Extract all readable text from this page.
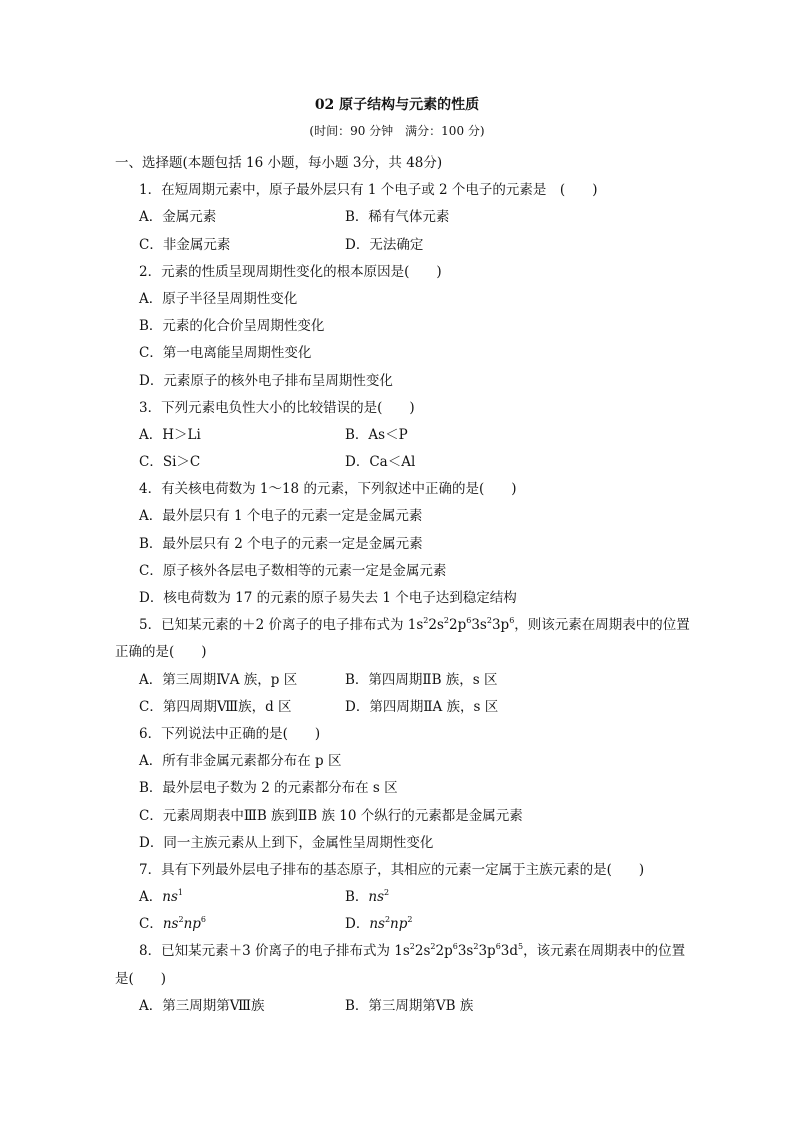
02 原子结构与元素的性质
(时间：90 分钟　满分：100 分)
一、选择题(本题包括 16 小题，每小题 3分，共 48分)
1．在短周期元素中，原子最外层只有 1 个电子或 2 个电子的元素是　(　　)
A．金属元素	B．稀有气体元素
C．非金属元素	D．无法确定
2．元素的性质呈现周期性变化的根本原因是(　　)
A．原子半径呈周期性变化
B．元素的化合价呈周期性变化
C．第一电离能呈周期性变化
D．元素原子的核外电子排布呈周期性变化
3．下列元素电负性大小的比较错误的是(　　)
A．H＞Li	B．As＜P
C．Si＞C	D．Ca＜Al
4．有关核电荷数为 1～18 的元素，下列叙述中正确的是(　　)
A．最外层只有 1 个电子的元素一定是金属元素
B．最外层只有 2 个电子的元素一定是金属元素
C．原子核外各层电子数相等的元素一定是金属元素
D．核电荷数为 17 的元素的原子易失去 1 个电子达到稳定结构
5．已知某元素的＋2 价离子的电子排布式为 $1s^22s^22p^63s^23p^6$，则该元素在周期表中的位置
正确的是(　　)
A．第三周期ⅣA 族，p 区	B．第四周期ⅡB 族，s 区
C．第四周期Ⅷ族，d 区	D．第四周期ⅡA 族，s 区
6．下列说法中正确的是(　　)
A．所有非金属元素都分布在 p 区
B．最外层电子数为 2 的元素都分布在 s 区
C．元素周期表中ⅢB 族到ⅡB 族 10 个纵行的元素都是金属元素
D．同一主族元素从上到下，金属性呈周期性变化
7．具有下列最外层电子排布的基态原子，其相应的元素一定属于主族元素的是(　　)
A．$ns^1$	B．$ns^2$
C．$ns^2np^6$	D．$ns^2np^2$
8．已知某元素＋3 价离子的电子排布式为 $1s^22s^22p^63s^23p^63d^5$，该元素在周期表中的位置
是(　　)
A．第三周期第Ⅷ族	B．第三周期第ⅤB 族
